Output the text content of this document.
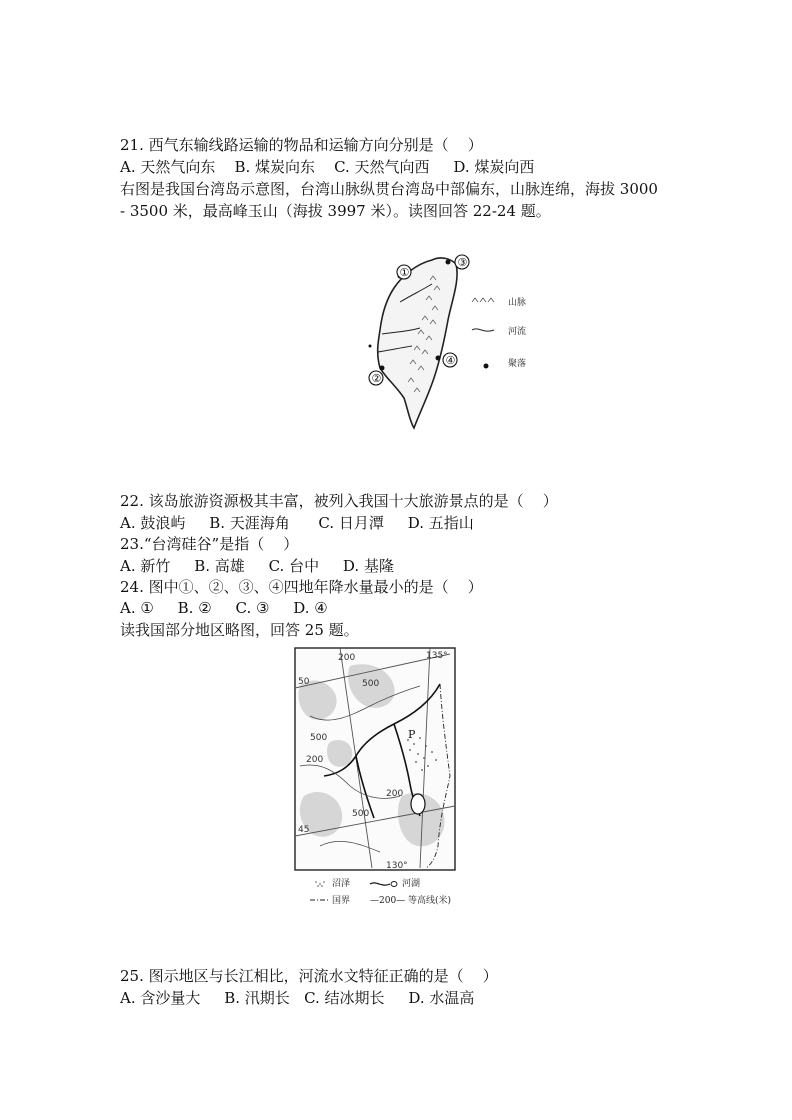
21. 西气东输线路运输的物品和运输方向分别是（    ）
A. 天然气向东    B. 煤炭向东    C. 天然气向西     D. 煤炭向西
右图是我国台湾岛示意图，台湾山脉纵贯台湾岛中部偏东，山脉连绵，海拔 3000
- 3500 米，最高峰玉山（海拔 3997 米）。读图回答 22-24 题。
①
②
③
④
山脉
河流
聚落
22. 该岛旅游资源极其丰富，被列入我国十大旅游景点的是（    ）
A. 鼓浪屿     B. 天涯海角      C. 日月潭     D. 五指山
23.“台湾硅谷”是指（    ）
A. 新竹     B. 高雄     C. 台中     D. 基隆
24. 图中①、②、③、④四地年降水量最小的是（    ）
A. ①     B. ②     C. ③     D. ④
读我国部分地区略图，回答 25 题。
135°
50	500
500	P
200
200
200
500
45
130°
沼泽	河湖
国界 —200— 等高线(米)
25. 图示地区与长江相比，河流水文特征正确的是（    ）
A. 含沙量大     B. 汛期长   C. 结冰期长     D. 水温高
